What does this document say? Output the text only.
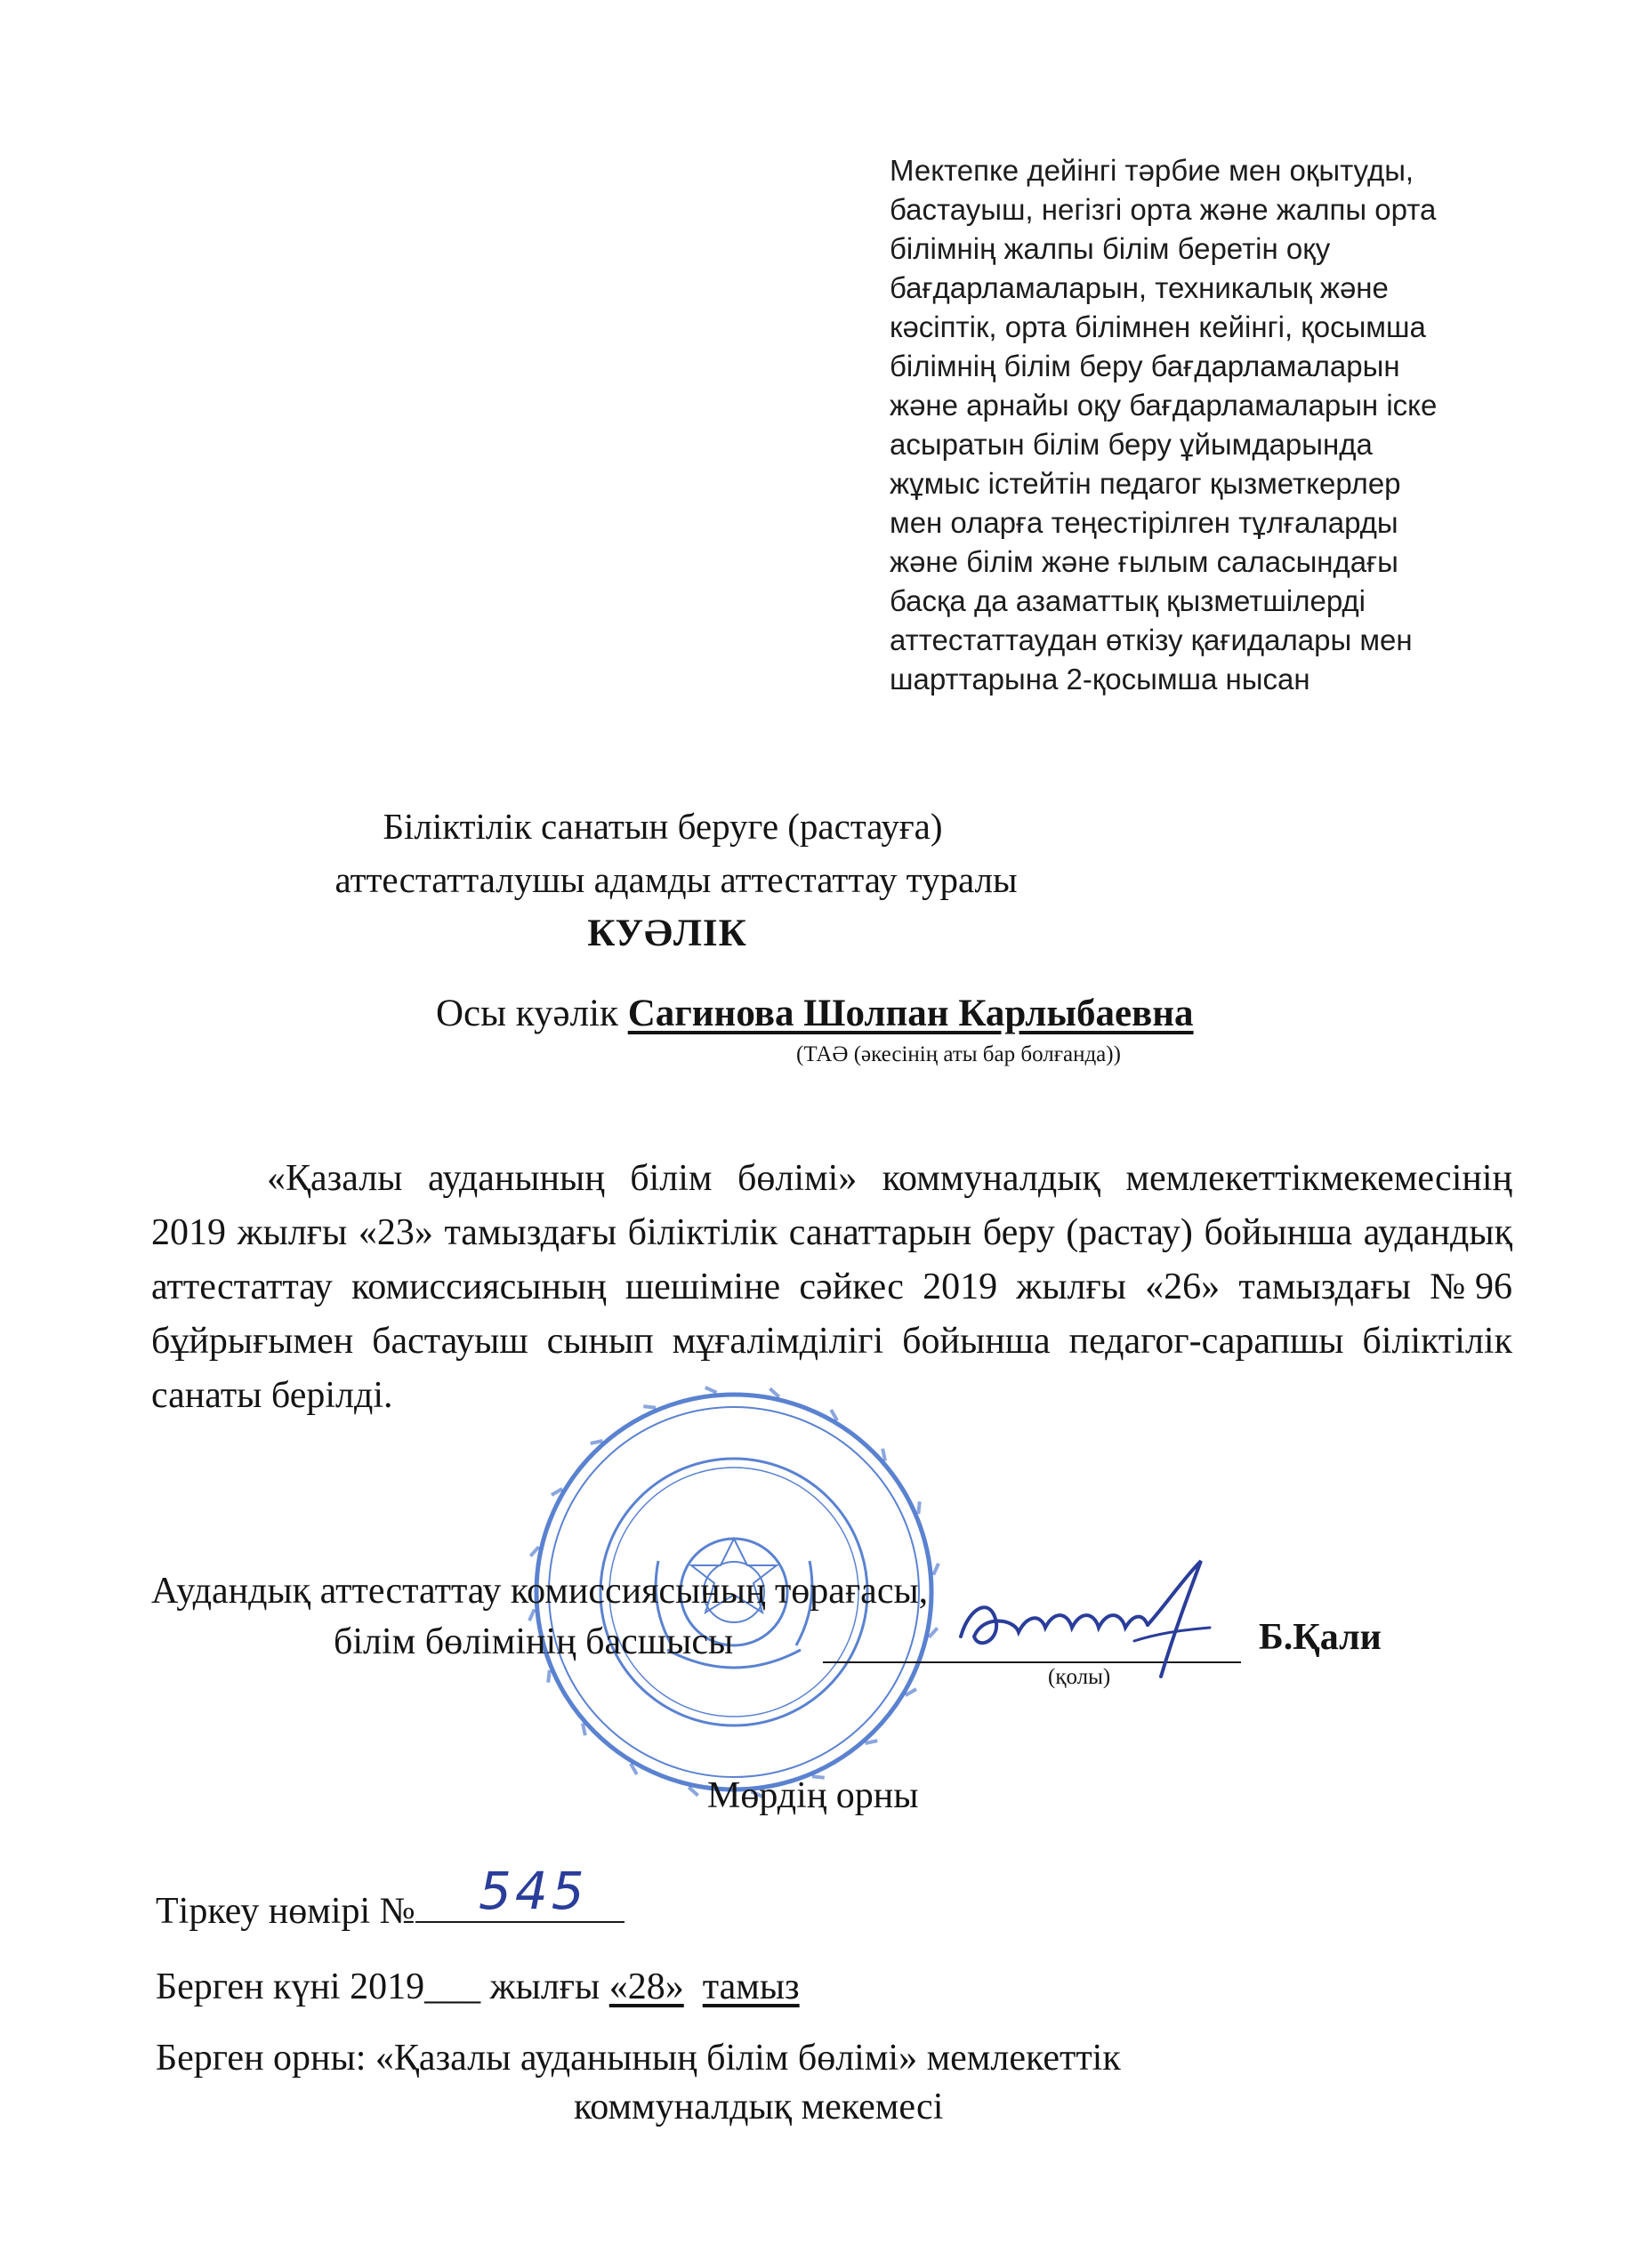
Мектепке дейінгі тәрбие мен оқытуды,
бастауыш, негізгі орта және жалпы орта
білімнің жалпы білім беретін оқу
бағдарламаларын, техникалық және
кәсіптік, орта білімнен кейінгі, қосымша
білімнің білім беру бағдарламаларын
және арнайы оқу бағдарламаларын іске
асыратын білім беру ұйымдарында
жұмыс істейтін педагог қызметкерлер
мен оларға теңестірілген тұлғаларды
және білім және ғылым саласындағы
басқа да азаматтық қызметшілерді
аттестаттаудан өткізу қағидалары мен
шарттарына 2-қосымша нысан
Біліктілік санатын беруге (растауға)
аттестатталушы адамды аттестаттау туралы
КУӘЛІК
Осы куәлік Сагинова Шолпан Карлыбаевна
(ТАӘ (әкесінің аты бар болғанда))

«Қазалы ауданының білім бөлімі» коммуналдық мемлекеттікмекемесінің 2019 жылғы «23» тамыздағы біліктілік санаттарын беру (растау) бойынша аудандық аттестаттау комиссиясының шешіміне сәйкес 2019 жылғы «26» тамыздағы №96 бұйрығымен бастауыш сынып мұғалімділігі бойынша педагог-сарапшы біліктілік санаты берілді.

Аудандық аттестаттау комиссиясының төрағасы,
білім бөлімінің басшысы
(қолы)
Б.Қали
Мөрдің орны
Тіркеу нөмірі №	545
Берген күні 2019___ жылғы «28» тамыз
Берген орны: «Қазалы ауданының білім бөлімі» мемлекеттік
коммуналдық мекемесі
